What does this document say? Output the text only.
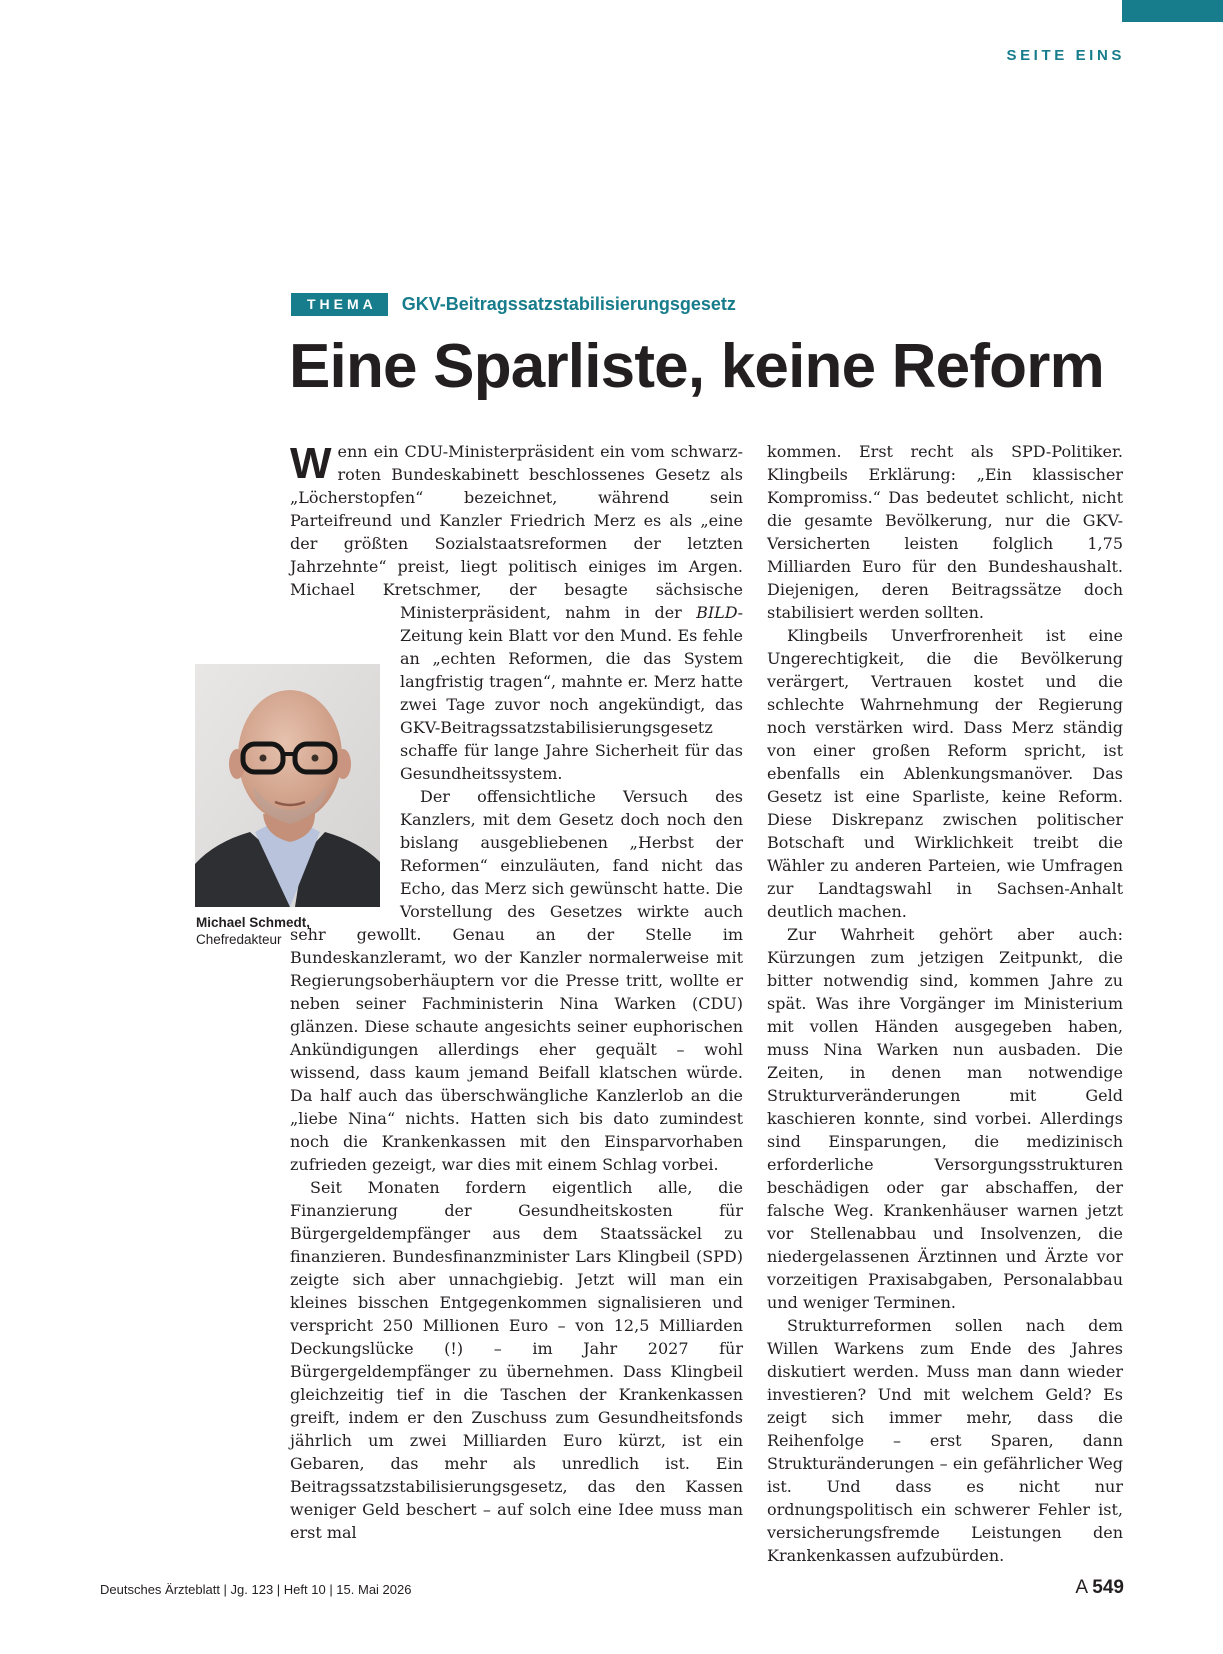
SEITE EINS
THEMA	GKV-Beitragssatzstabilisierungsgesetz
Eine Sparliste, keine Reform

W enn ein CDU-Ministerpräsident ein vom schwarz-roten Bundeskabinett beschlossenes Gesetz als „Löcherstopfen“ bezeichnet, während sein Parteifreund und Kanzler Friedrich Merz es als „eine der größten Sozialstaatsreformen der letzten Jahrzehnte“ preist, liegt politisch einiges im Argen. Michael Kretschmer, der besagte sächsische Ministerpräsident, nahm in der BILD
-Zeitung kein Blatt vor den Mund. Es fehle an „echten Reformen, die das System langfristig tragen“, mahnte er. Merz hatte zwei Tage zuvor noch angekündigt, das GKV-Beitragssatzstabilisierungsgesetz schaffe für lange Jahre Sicherheit für das Gesundheitssystem.

Der offensichtliche Versuch des Kanzlers, mit dem Gesetz doch noch den bislang ausgebliebenen „Herbst der Reformen“ einzuläuten, fand nicht das Echo, das Merz sich gewünscht hatte. Die Vorstellung des Gesetzes wirkte auch sehr gewollt. Genau an der Stelle im Bundeskanzleramt, wo der Kanzler normalerweise mit Regierungsoberhäuptern vor die Presse tritt, wollte er neben seiner Fachministerin Nina Warken (CDU) glänzen. Diese schaute angesichts seiner euphorischen Ankündigungen allerdings eher gequält – wohl wissend, dass kaum jemand Beifall klatschen würde. Da half auch das überschwängliche Kanzlerlob an die „liebe Nina“ nichts. Hatten sich bis dato zumindest noch die Krankenkassen mit den Einsparvorhaben zufrieden gezeigt, war dies mit einem Schlag vorbei.

Seit Monaten fordern eigentlich alle, die Finanzierung der Gesundheitskosten für Bürgergeldempfänger aus dem Staatssäckel zu finanzieren. Bundesfinanzminister Lars Klingbeil (SPD) zeigte sich aber unnachgiebig. Jetzt will man ein kleines bisschen Entgegenkommen signalisieren und verspricht 250 Millionen Euro – von 12,5 Milliarden Deckungslücke (!) – im Jahr 2027 für Bürgergeldempfänger zu übernehmen. Dass Klingbeil gleichzeitig tief in die Taschen der Krankenkassen greift, indem er den Zuschuss zum Gesundheitsfonds jährlich um zwei Milliarden Euro kürzt, ist ein Gebaren, das mehr als unredlich ist. Ein Beitragssatzstabilisierungsgesetz, das den Kassen weniger Geld beschert – auf solch eine Idee muss man erst mal

kommen. Erst recht als SPD-Politiker. Klingbeils Erklärung: „Ein klassischer Kompromiss.“ Das bedeutet schlicht, nicht die gesamte Bevölkerung, nur die GKV-Versicherten leisten folglich 1,75 Milliarden Euro für den Bundeshaushalt. Diejenigen, deren Beitragssätze doch stabilisiert werden sollten.

Klingbeils Unverfrorenheit ist eine Ungerechtigkeit, die die Bevölkerung verärgert, Vertrauen kostet und die schlechte Wahrnehmung der Regierung noch verstärken wird. Dass Merz ständig von einer großen Reform spricht, ist ebenfalls ein Ablenkungsmanöver. Das Gesetz ist eine Sparliste, keine Reform. Diese Diskrepanz zwischen politischer Botschaft und Wirklichkeit treibt die Wähler zu anderen Parteien, wie Umfragen zur Landtagswahl in Sachsen-Anhalt deutlich machen.

Zur Wahrheit gehört aber auch: Kürzungen zum jetzigen Zeitpunkt, die bitter notwendig sind, kommen Jahre zu spät. Was ihre Vorgänger im Ministerium mit vollen Händen ausgegeben haben, muss Nina Warken nun ausbaden. Die Zeiten, in denen man notwendige Strukturveränderungen mit Geld kaschieren konnte, sind vorbei. Allerdings sind Einsparungen, die medizinisch erforderliche Versorgungsstrukturen beschädigen oder gar abschaffen, der falsche Weg. Krankenhäuser warnen jetzt vor Stellenabbau und Insolvenzen, die niedergelassenen Ärztinnen und Ärzte vor vorzeitigen Praxisabgaben, Personalabbau und weniger Terminen.

Strukturreformen sollen nach dem Willen Warkens zum Ende des Jahres diskutiert werden. Muss man dann wieder investieren? Und mit welchem Geld? Es zeigt sich immer mehr, dass die Reihenfolge – erst Sparen, dann Strukturänderungen – ein gefährlicher Weg ist. Und dass es nicht nur ordnungspolitisch ein schwerer Fehler ist, versicherungsfremde Leistungen den Krankenkassen aufzubürden.

Michael Schmedt,
Chefredakteur
Deutsches Ärzteblatt | Jg. 123 | Heft 10 | 15. Mai 2026	A 549
